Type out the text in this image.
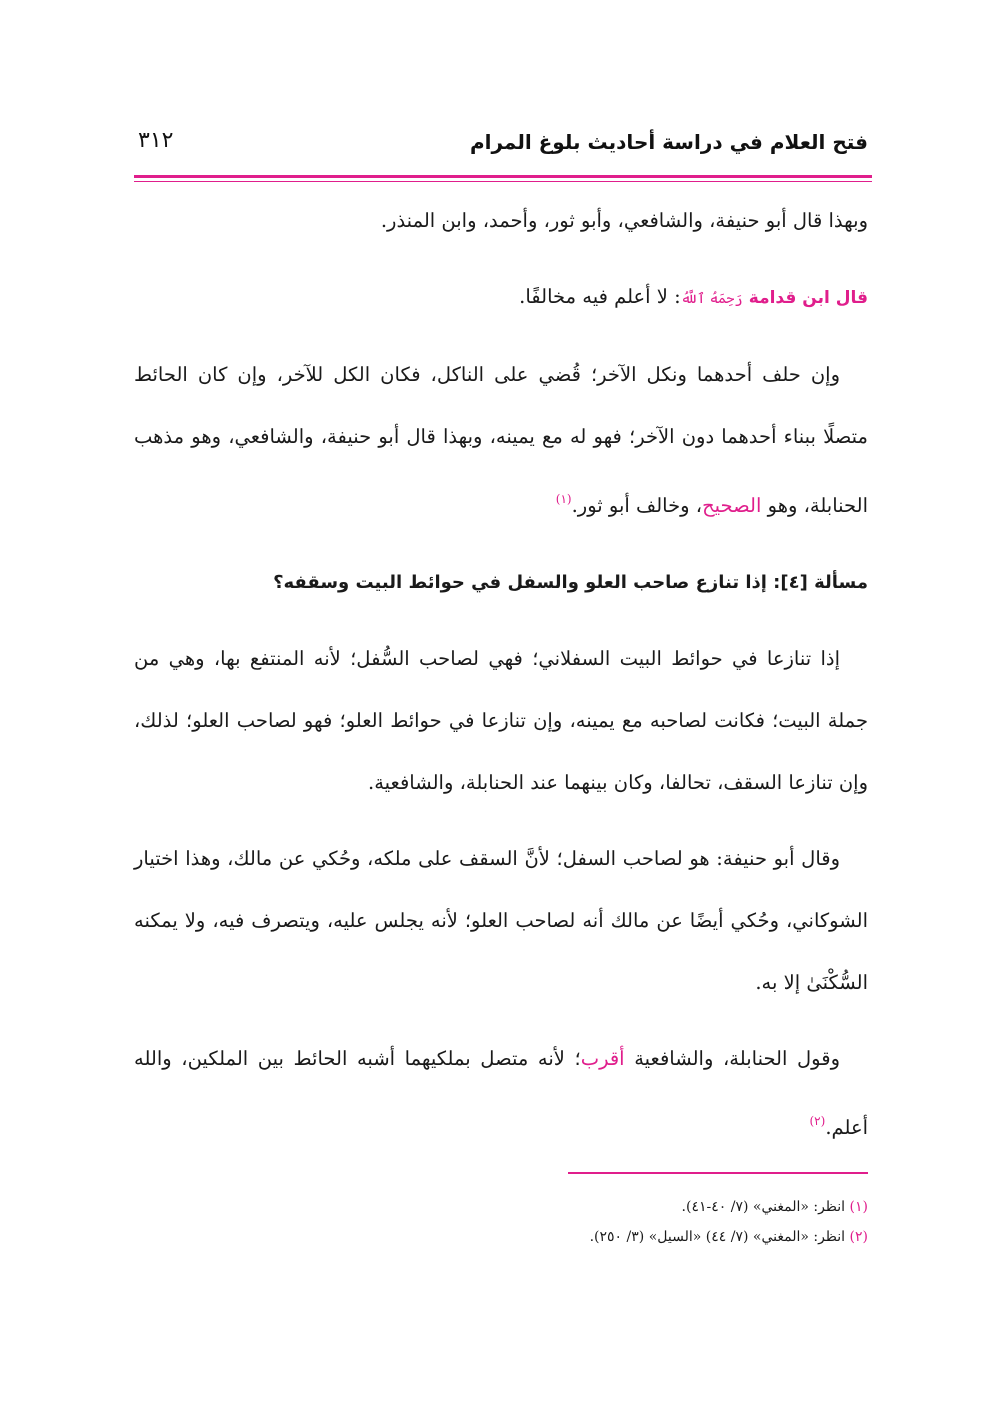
فتح العلام في دراسة أحاديث بلوغ المرام
٣١٢

وبهذا قال أبو حنيفة، والشافعي، وأبو ثور، وأحمد، وابن المنذر.

قال ابن قدامة رَحِمَهُ ٱللَّهُ: لا أعلم فيه مخالفًا.

وإن حلف أحدهما ونكل الآخر؛ قُضي على الناكل، فكان الكل للآخر، وإن كان الحائط متصلًا ببناء أحدهما دون الآخر؛ فهو له مع يمينه، وبهذا قال أبو حنيفة، والشافعي، وهو مذهب الحنابلة، وهو الصحيح، وخالف أبو ثور.$^{(١)}$

مسألة [٤]: إذا تنازع صاحب العلو والسفل في حوائط البيت وسقفه؟

إذا تنازعا في حوائط البيت السفلاني؛ فهي لصاحب السُّفل؛ لأنه المنتفع بها، وهي من جملة البيت؛ فكانت لصاحبه مع يمينه، وإن تنازعا في حوائط العلو؛ فهو لصاحب العلو؛ لذلك، وإن تنازعا السقف، تحالفا، وكان بينهما عند الحنابلة، والشافعية.

وقال أبو حنيفة: هو لصاحب السفل؛ لأنَّ السقف على ملكه، وحُكي عن مالك، وهذا اختيار الشوكاني، وحُكي أيضًا عن مالك أنه لصاحب العلو؛ لأنه يجلس عليه، ويتصرف فيه، ولا يمكنه السُّكْنَىٰ إلا به.

وقول الحنابلة، والشافعية أقرب؛ لأنه متصل بملكيهما أشبه الحائط بين الملكين، والله أعلم.$^{(٢)}$

(١) انظر: «المغني» (٧/ ٤٠-٤١).
(٢) انظر: «المغني» (٧/ ٤٤) «السيل» (٣/ ٢٥٠).
